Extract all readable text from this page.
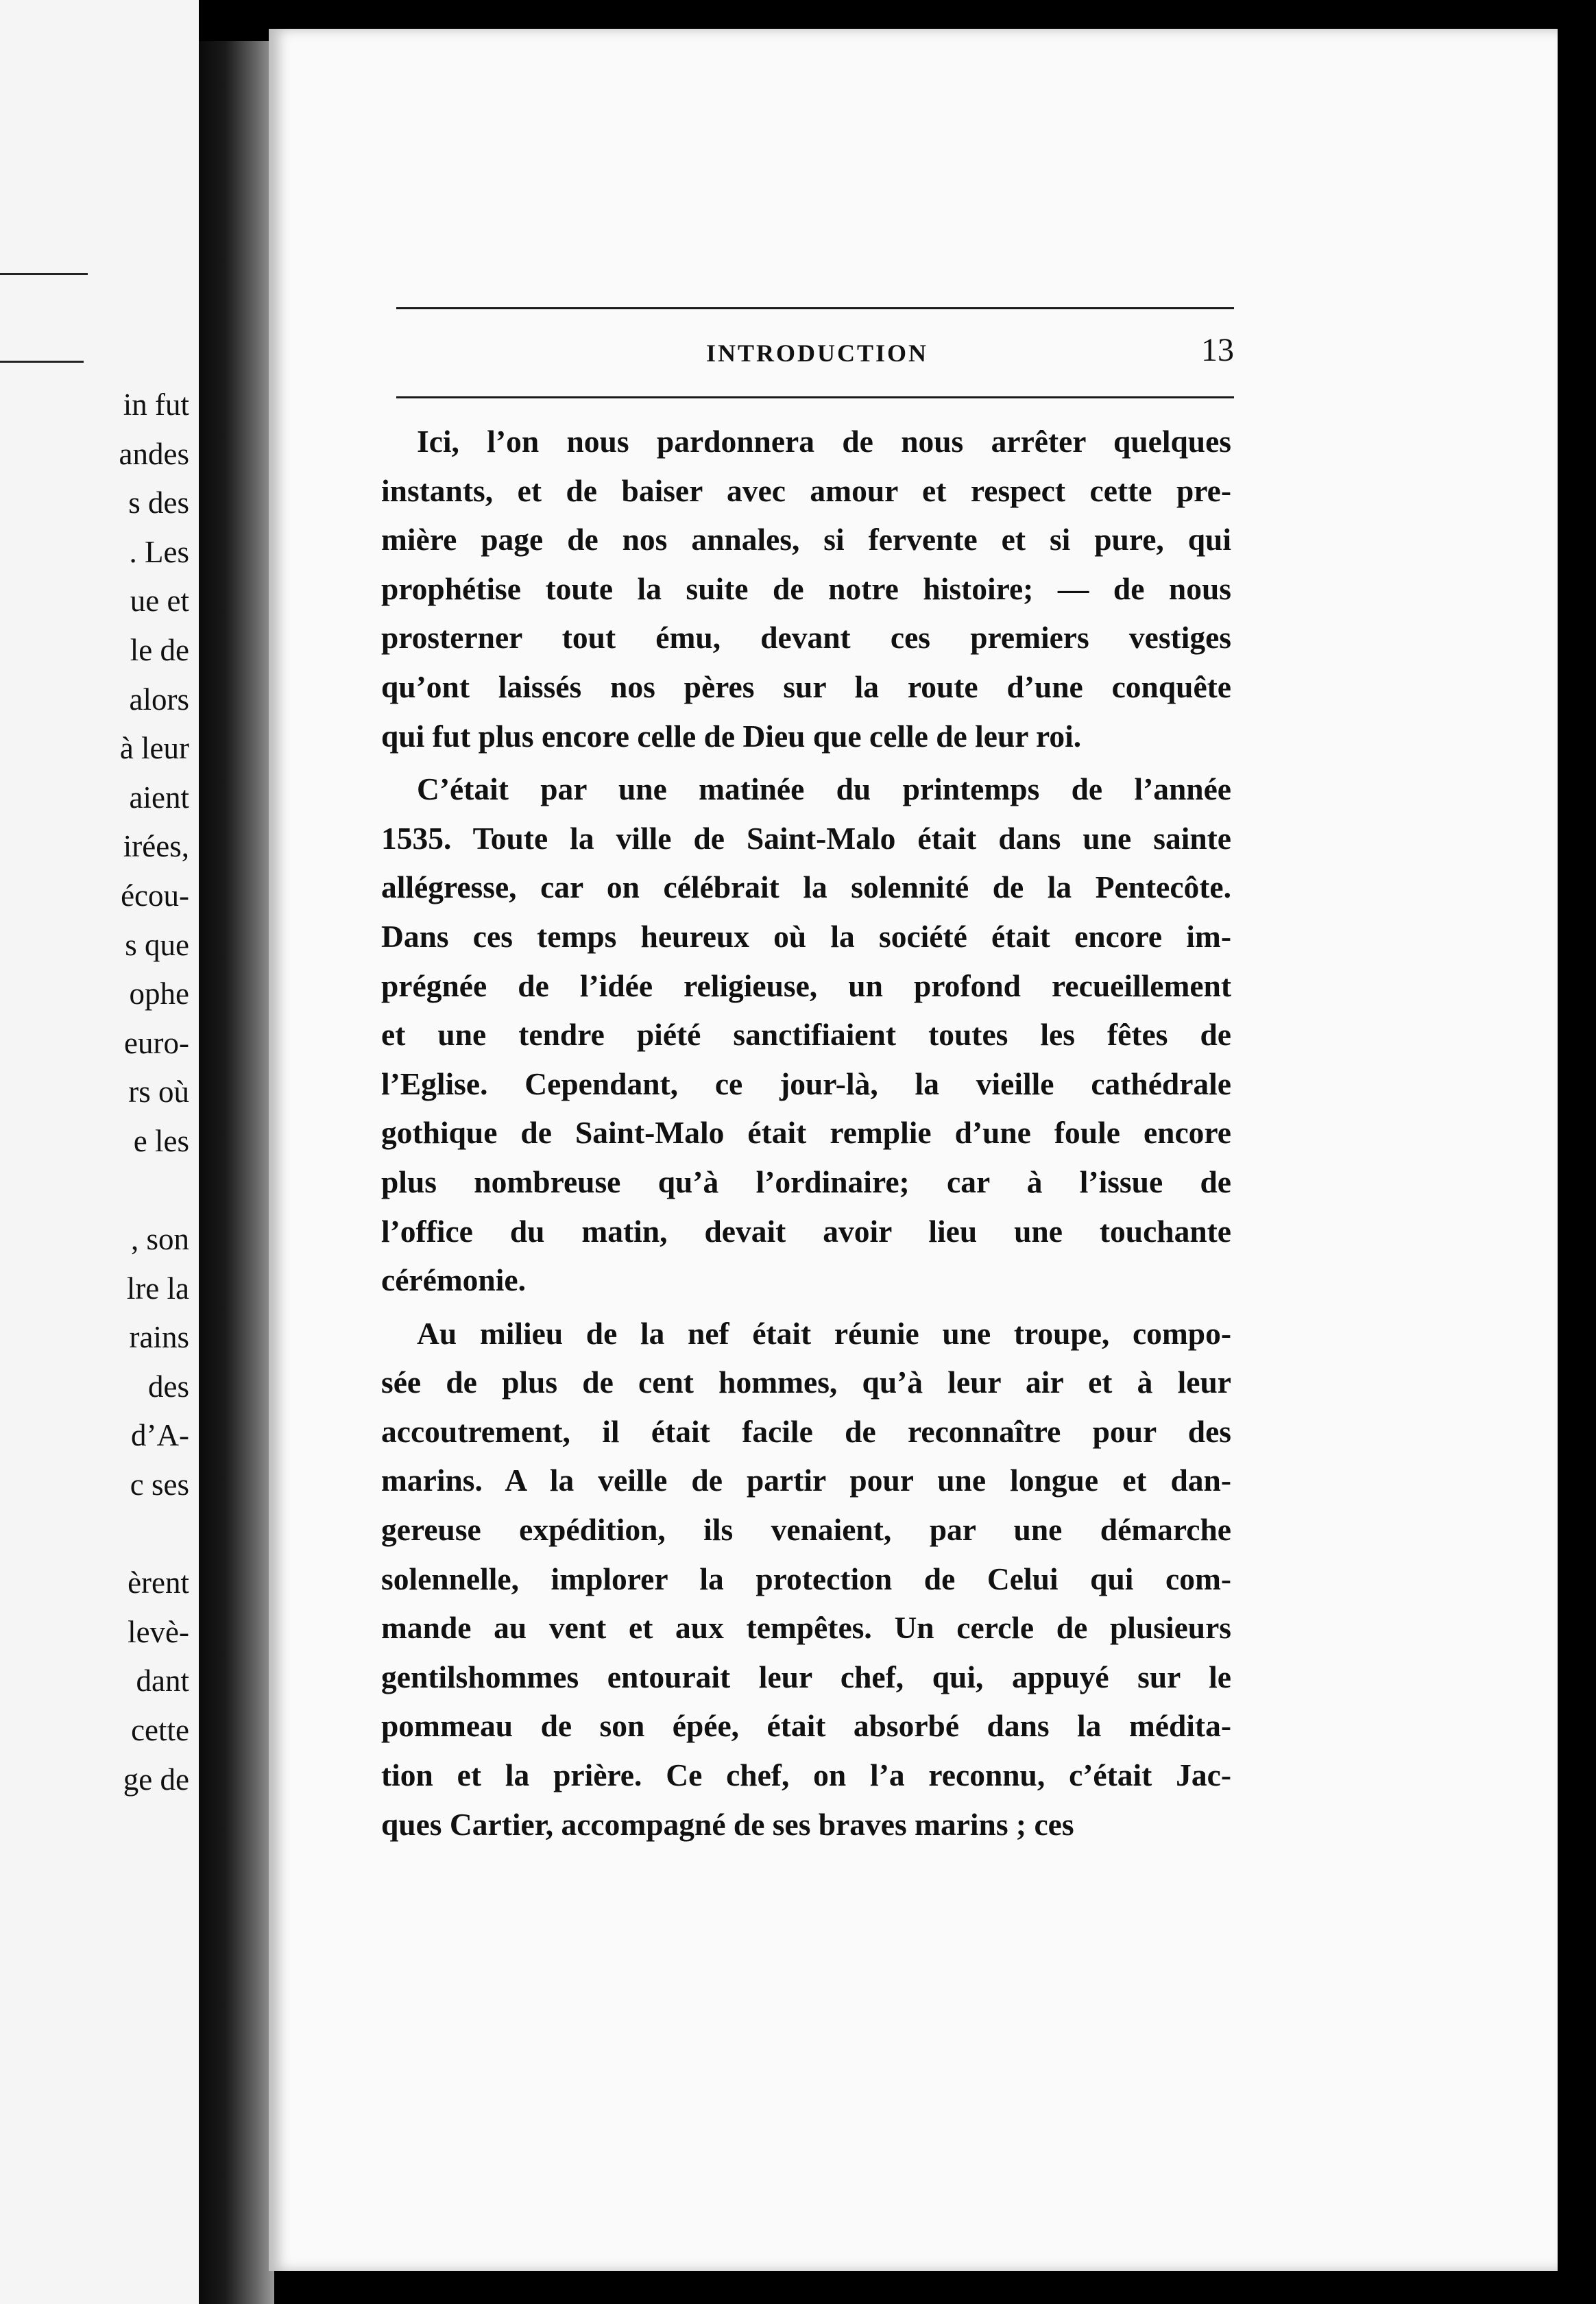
in fut
andes
s des
. Les
ue et
le de
alors
à leur
aient
irées,
écou-
s que
ophe
euro-
rs où
e les
, son
lre la
rains
des
d’A-
c ses
èrent
levè-
dant
cette
ge de
INTRODUCTION	13
Ici, l’on nous pardonnera de nous arrêter quelques
instants, et de baiser avec amour et respect cette pre-
mière page de nos annales, si fervente et si pure, qui
prophétise toute la suite de notre histoire; — de nous
prosterner tout ému, devant ces premiers vestiges
qu’ont laissés nos pères sur la route d’une conquête
qui fut plus encore celle de Dieu que celle de leur roi.
C’était par une matinée du printemps de l’année
1535. Toute la ville de Saint-Malo était dans une sainte
allégresse, car on célébrait la solennité de la Pentecôte.
Dans ces temps heureux où la société était encore im-
prégnée de l’idée religieuse, un profond recueillement
et une tendre piété sanctifiaient toutes les fêtes de
l’Eglise. Cependant, ce jour-là, la vieille cathédrale
gothique de Saint-Malo était remplie d’une foule encore
plus nombreuse qu’à l’ordinaire; car à l’issue de
l’office du matin, devait avoir lieu une touchante
cérémonie.
Au milieu de la nef était réunie une troupe, compo-
sée de plus de cent hommes, qu’à leur air et à leur
accoutrement, il était facile de reconnaître pour des
marins. A la veille de partir pour une longue et dan-
gereuse expédition, ils venaient, par une démarche
solennelle, implorer la protection de Celui qui com-
mande au vent et aux tempêtes. Un cercle de plusieurs
gentilshommes entourait leur chef, qui, appuyé sur le
pommeau de son épée, était absorbé dans la médita-
tion et la prière. Ce chef, on l’a reconnu, c’était Jac-
ques Cartier, accompagné de ses braves marins ; ces
